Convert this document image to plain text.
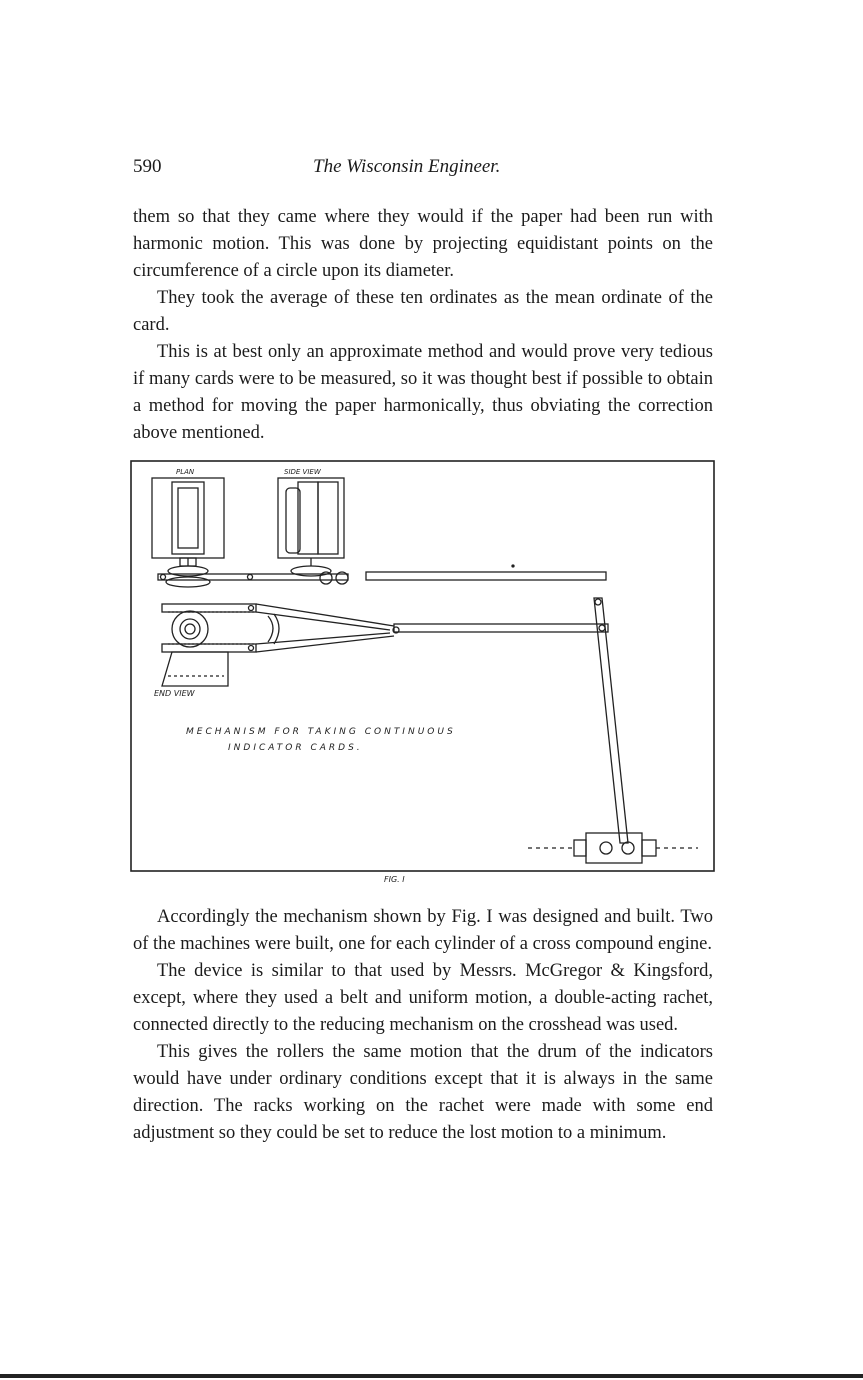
590	The Wisconsin Engineer.

them so that they came where they would if the paper had been run with harmonic motion. This was done by projecting equidistant points on the circumference of a circle upon its diameter.

They took the average of these ten ordinates as the mean ordinate of the card.

This is at best only an approximate method and would prove very tedious if many cards were to be measured, so it was thought best if possible to obtain a method for moving the paper harmonically, thus obviating the correction above mentioned.

PLAN	SIDE VIEW
END VIEW
MECHANISM FOR TAKING CONTINUOUS
INDICATOR CARDS.
FIG. I

Accordingly the mechanism shown by Fig. I was designed and built. Two of the machines were built, one for each cylinder of a cross compound engine.

The device is similar to that used by Messrs. McGregor & Kingsford, except, where they used a belt and uniform motion, a double-acting rachet, connected directly to the reducing mechanism on the crosshead was used.

This gives the rollers the same motion that the drum of the indicators would have under ordinary conditions except that it is always in the same direction. The racks working on the rachet were made with some end adjustment so they could be set to reduce the lost motion to a minimum.
